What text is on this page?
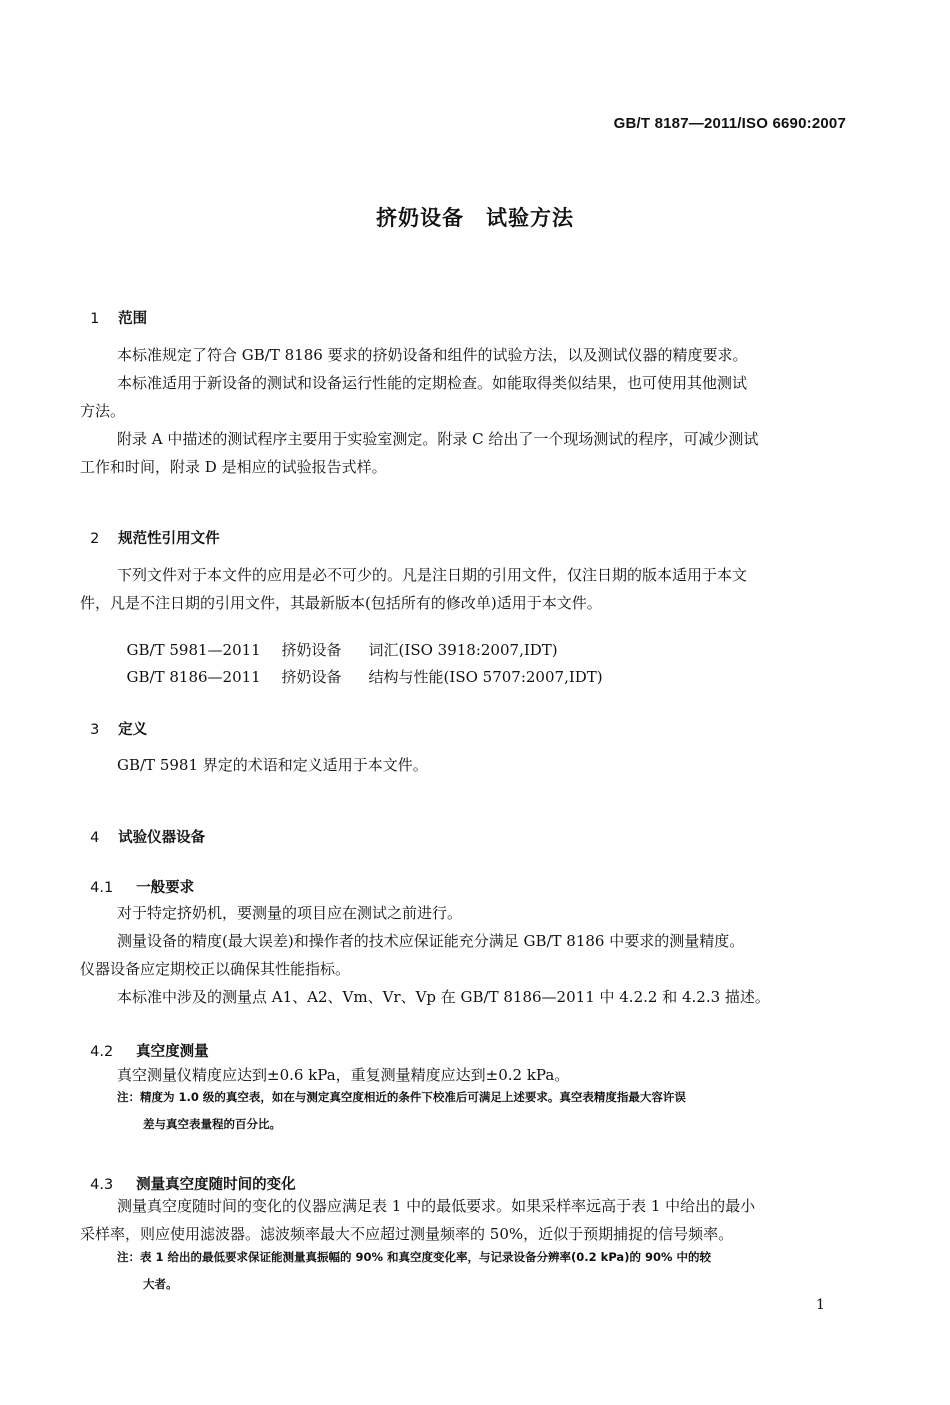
GB/T 8187—2011/ISO 6690:2007
挤奶设备　试验方法

1 范围

本标准规定了符合 GB/T 8186 要求的挤奶设备和组件的试验方法，以及测试仪器的精度要求。

本标准适用于新设备的测试和设备运行性能的定期检查。如能取得类似结果，也可使用其他测试

方法。

附录 A 中描述的测试程序主要用于实验室测定。附录 C 给出了一个现场测试的程序，可减少测试

工作和时间，附录 D 是相应的试验报告式样。

2 规范性引用文件

下列文件对于本文件的应用是必不可少的。凡是注日期的引用文件，仅注日期的版本适用于本文

件，凡是不注日期的引用文件，其最新版本(包括所有的修改单)适用于本文件。

GB/T 5981—2011 挤奶设备 词汇(ISO 3918:2007,IDT)

GB/T 8186—2011 挤奶设备 结构与性能(ISO 5707:2007,IDT)

3 定义

GB/T 5981 界定的术语和定义适用于本文件。

4 试验仪器设备

4.1 一般要求

对于特定挤奶机，要测量的项目应在测试之前进行。

测量设备的精度(最大误差)和操作者的技术应保证能充分满足 GB/T 8186 中要求的测量精度。

仪器设备应定期校正以确保其性能指标。

本标准中涉及的测量点 A1、A2、Vm、Vr、Vp 在 GB/T 8186—2011 中 4.2.2 和 4.2.3 描述。

4.2 真空度测量

真空测量仪精度应达到±0.6 kPa，重复测量精度应达到±0.2 kPa。

注：精度为 1.0 级的真空表，如在与测定真空度相近的条件下校准后可满足上述要求。真空表精度指最大容许误

差与真空表量程的百分比。

4.3 测量真空度随时间的变化

测量真空度随时间的变化的仪器应满足表 1 中的最低要求。如果采样率远高于表 1 中给出的最小

采样率，则应使用滤波器。滤波频率最大不应超过测量频率的 50%，近似于预期捕捉的信号频率。

注：表 1 给出的最低要求保证能测量真振幅的 90% 和真空度变化率，与记录设备分辨率(0.2 kPa)的 90% 中的较

大者。

1
